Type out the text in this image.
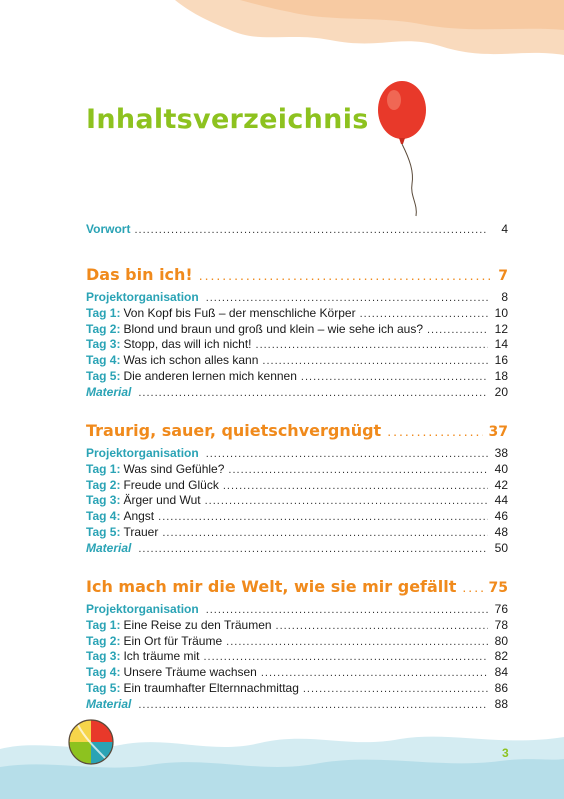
Inhaltsverzeichnis
Vorwort .....	4
Das bin ich! .....	7
Projektorganisation .....	8
Tag 1: Von Kopf bis Fuß – der menschliche Körper .....	10
Tag 2: Blond und braun und groß und klein – wie sehe ich aus? .....	12
Tag 3: Stopp, das will ich nicht! .....	14
Tag 4: Was ich schon alles kann .....	16
Tag 5: Die anderen lernen mich kennen .....	18
Material .....	20
Traurig, sauer, quietschvergnügt .....	37
Projektorganisation .....	38
Tag 1: Was sind Gefühle? .....	40
Tag 2: Freude und Glück .....	42
Tag 3: Ärger und Wut .....	44
Tag 4: Angst .....	46
Tag 5: Trauer .....	48
Material .....	50
Ich mach mir die Welt, wie sie mir gefällt ..... 75
Projektorganisation .....	76
Tag 1: Eine Reise zu den Träumen .....	78
Tag 2: Ein Ort für Träume .....	80
Tag 3: Ich träume mit .....	82
Tag 4: Unsere Träume wachsen .....	84
Tag 5: Ein traumhafter Elternnachmittag .....	86
Material .....	88
3
